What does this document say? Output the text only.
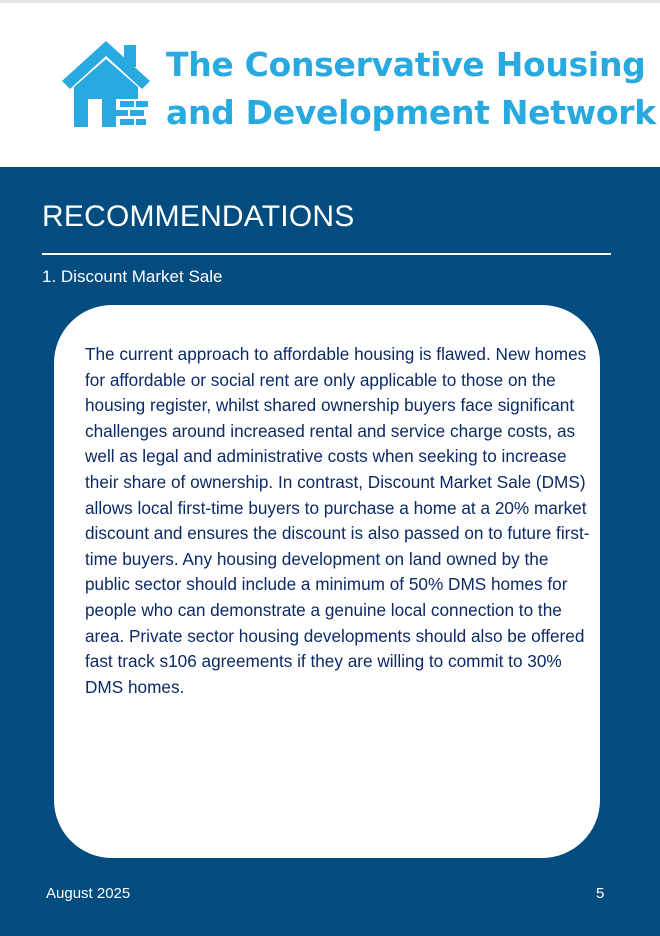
The Conservative Housing
and Development Network
RECOMMENDATIONS
1. Discount Market Sale

The current approach to affordable housing is flawed. New homes for affordable or social rent are only applicable to those on the housing register, whilst shared ownership buyers face significant challenges around increased rental and service charge costs, as well as legal and administrative costs when seeking to increase their share of ownership. In contrast, Discount Market Sale (DMS) allows local first-time buyers to purchase a home at a 20% market discount and ensures the discount is also passed on to future first-time buyers. Any housing development on land owned by the public sector should include a minimum of 50% DMS homes for people who can demonstrate a genuine local connection to the area. Private sector housing developments should also be offered fast track s106 agreements if they are willing to commit to 30% DMS homes.

August 2025	5
